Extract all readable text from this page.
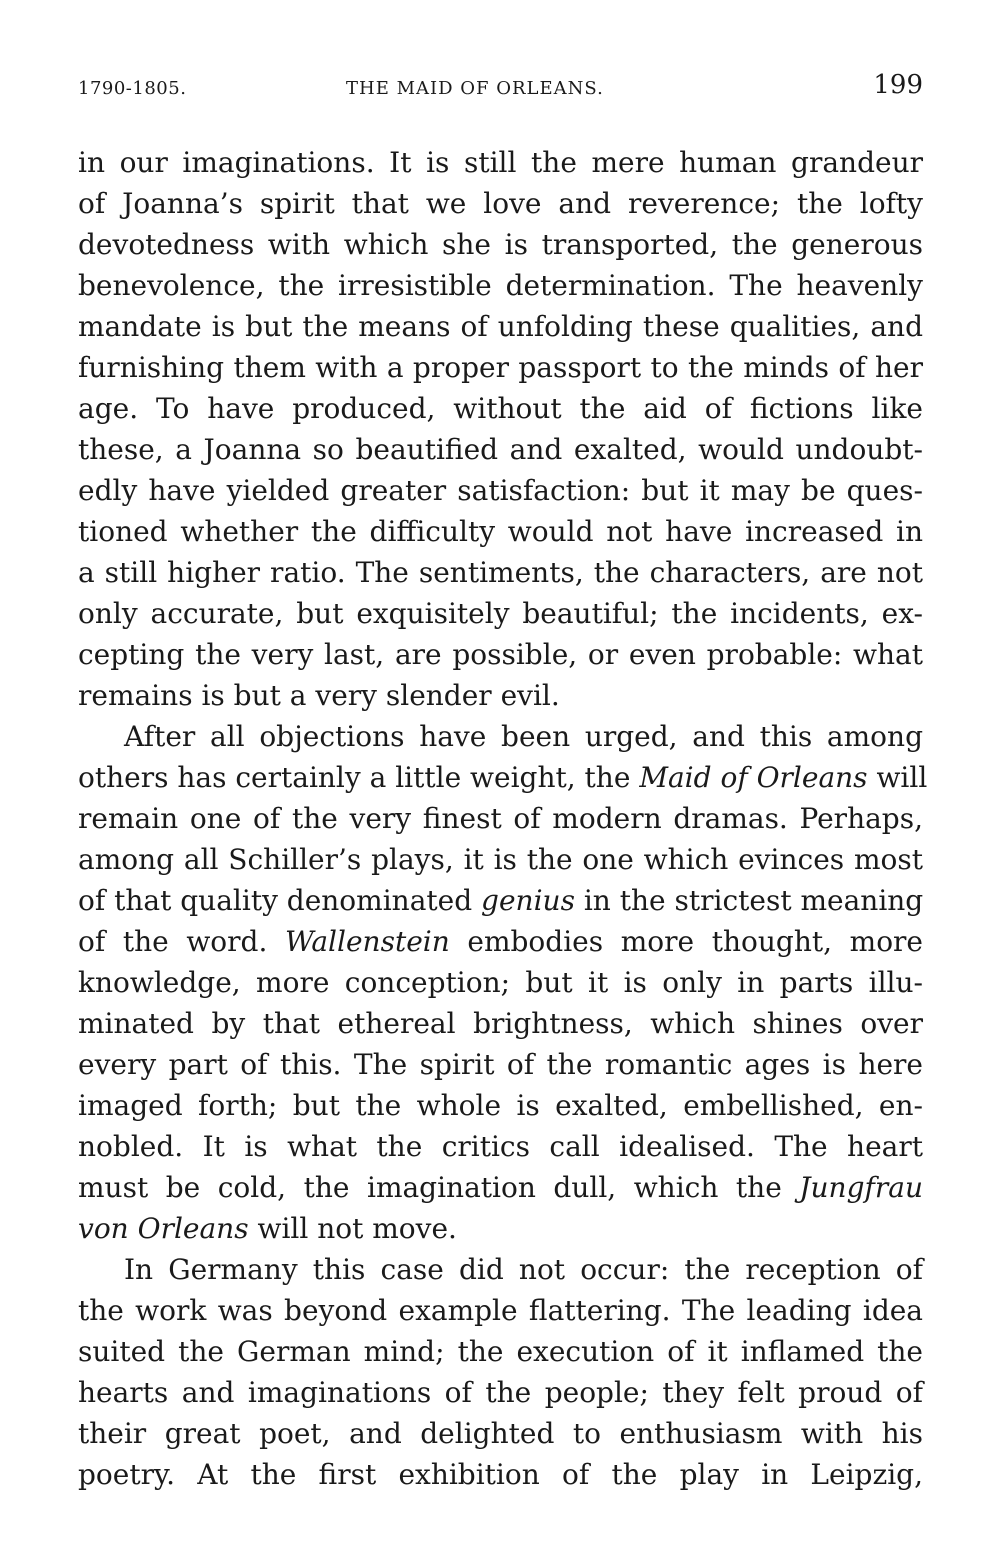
1790-1805.	THE MAID OF ORLEANS.	199
in our imaginations. It is still the mere human grandeur
of Joanna’s spirit that we love and reverence; the lofty
devotedness with which she is transported, the generous
benevolence, the irresistible determination. The heavenly
mandate is but the means of unfolding these qualities, and
furnishing them with a proper passport to the minds of her
age. To have produced, without the aid of fictions like
these, a Joanna so beautified and exalted, would undoubt-
edly have yielded greater satisfaction: but it may be ques-
tioned whether the difficulty would not have increased in
a still higher ratio. The sentiments, the characters, are not
only accurate, but exquisitely beautiful; the incidents, ex-
cepting the very last, are possible, or even probable: what
remains is but a very slender evil.
After all objections have been urged, and this among
others has certainly a little weight, the Maid of Orleans will
remain one of the very finest of modern dramas. Perhaps,
among all Schiller’s plays, it is the one which evinces most
of that quality denominated genius in the strictest meaning
of the word. Wallenstein embodies more thought, more
knowledge, more conception; but it is only in parts illu-
minated by that ethereal brightness, which shines over
every part of this. The spirit of the romantic ages is here
imaged forth; but the whole is exalted, embellished, en-
nobled. It is what the critics call idealised. The heart
must be cold, the imagination dull, which the Jungfrau
von Orleans will not move.
In Germany this case did not occur: the reception of
the work was beyond example flattering. The leading idea
suited the German mind; the execution of it inflamed the
hearts and imaginations of the people; they felt proud of
their great poet, and delighted to enthusiasm with his
poetry. At the first exhibition of the play in Leipzig,
